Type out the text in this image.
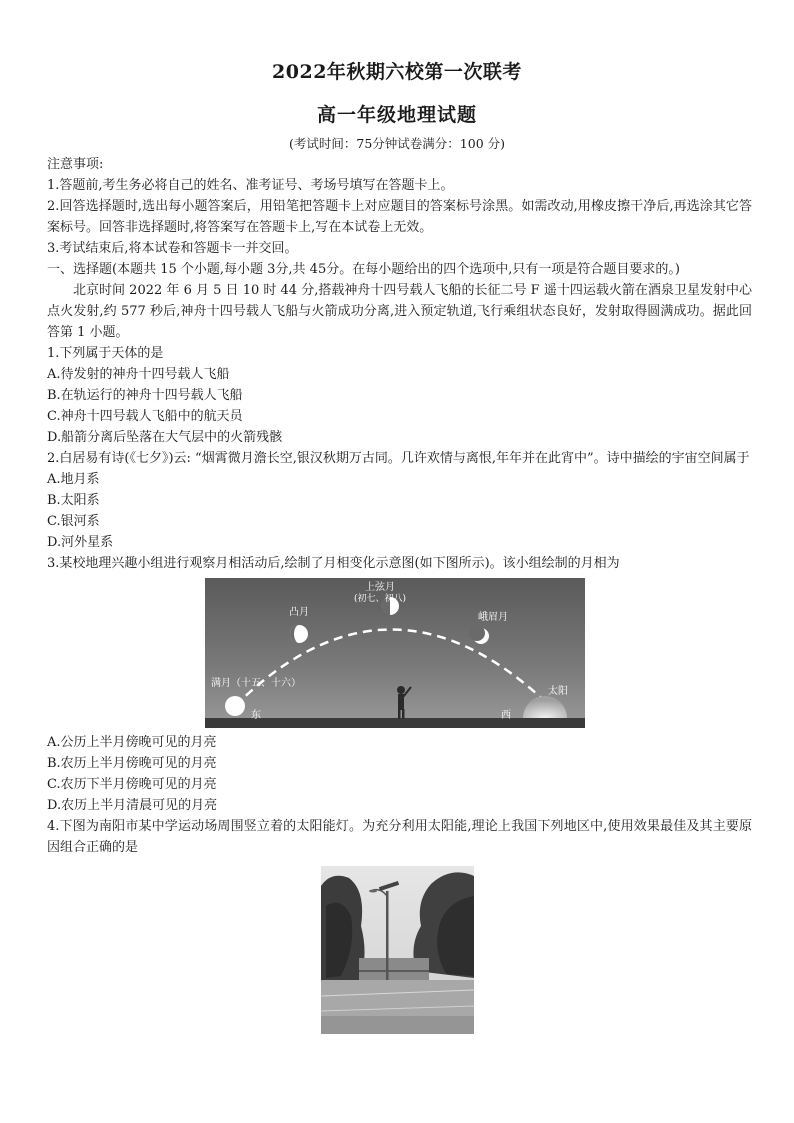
2022年秋期六校第一次联考
高一年级地理试题
(考试时间：75分钟试卷满分：100 分)
注意事项:
1.答题前,考生务必将自己的姓名、准考证号、考场号填写在答题卡上。
2.回答选择题时,选出每小题答案后，用铅笔把答题卡上对应题目的答案标号涂黑。如需改动,用橡皮擦干净后,再选涂其它答案标号。回答非选择题时,将答案写在答题卡上,写在本试卷上无效。
3.考试结束后,将本试卷和答题卡一并交回。
一、选择题(本题共 15 个小题,每小题 3分,共 45分。在每小题给出的四个选项中,只有一项是符合题目要求的。)
北京时间 2022 年 6 月 5 日 10 时 44 分,搭载神舟十四号载人飞船的长征二号 F 遥十四运载火箭在酒泉卫星发射中心点火发射,约 577 秒后,神舟十四号载人飞船与火箭成功分离,进入预定轨道,飞行乘组状态良好，发射取得圆满成功。据此回答第 1 小题。
1.下列属于天体的是
A.待发射的神舟十四号载人飞船
B.在轨运行的神舟十四号载人飞船
C.神舟十四号载人飞船中的航天员
D.船箭分离后坠落在大气层中的火箭残骸
2.白居易有诗(《七夕》)云: “烟霄微月澹长空,银汉秋期万古同。几许欢情与离恨,年年并在此宵中”。诗中描绘的宇宙空间属于
A.地月系
B.太阳系
C.银河系
D.河外星系
3.某校地理兴趣小组进行观察月相活动后,绘制了月相变化示意图(如下图所示)。该小组绘制的月相为
上弦月
(初七、初八)
凸月	峨眉月
满月（十五、十六）
太阳
东	西
A.公历上半月傍晚可见的月亮
B.农历上半月傍晚可见的月亮
C.农历下半月傍晚可见的月亮
D.农历上半月清晨可见的月亮
4.下图为南阳市某中学运动场周围竖立着的太阳能灯。为充分利用太阳能,理论上我国下列地区中,使用效果最佳及其主要原因组合正确的是
